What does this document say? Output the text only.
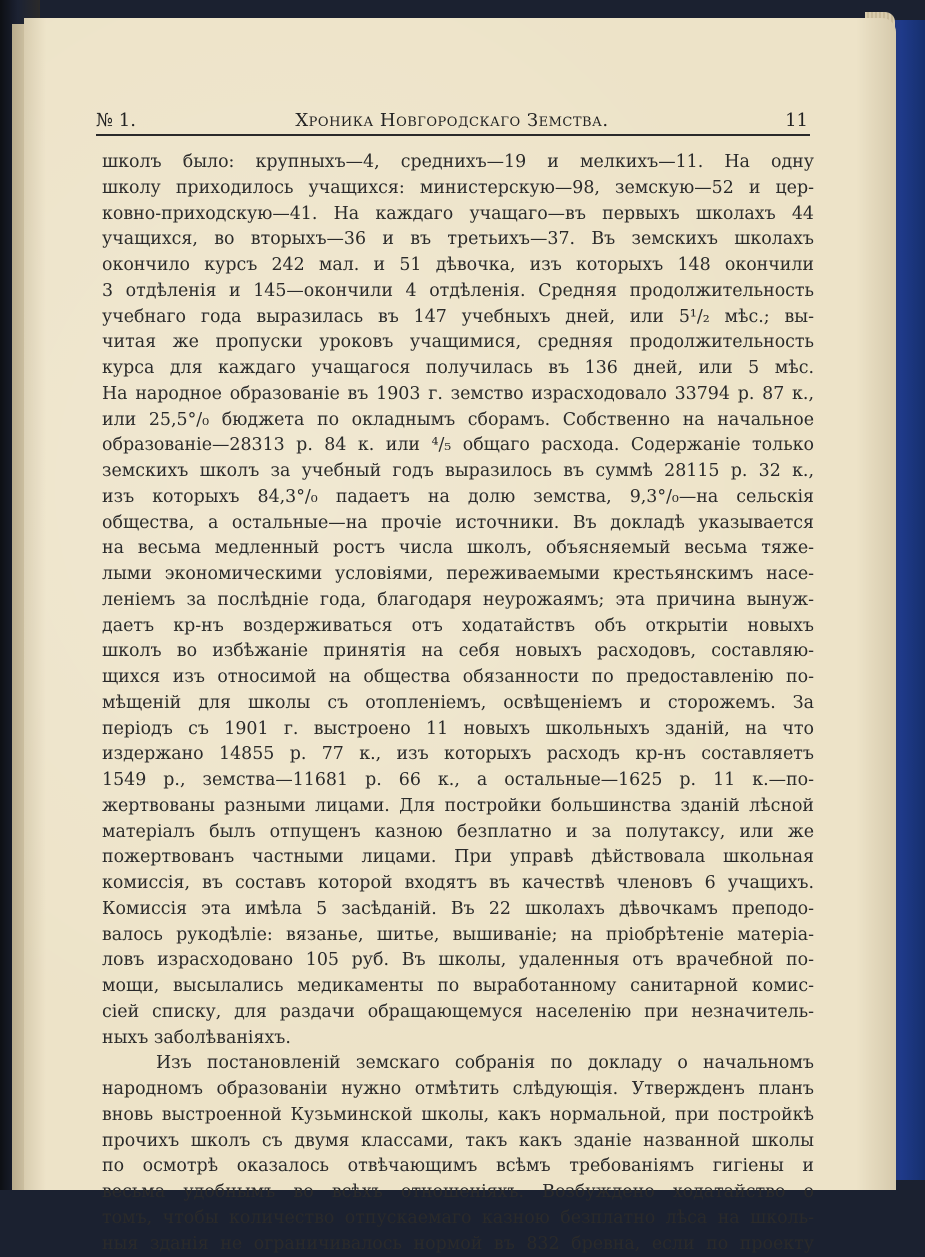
№ 1.	Хроника Новгородскаго Земства.	11
школъ было: крупныхъ—4, среднихъ—19 и мелкихъ—11. На одну
школу приходилось учащихся: министерскую—98, земскую—52 и цер-
ковно-приходскую—41. На каждаго учащаго—въ первыхъ школахъ 44
учащихся, во вторыхъ—36 и въ третьихъ—37. Въ земскихъ школахъ
окончило курсъ 242 мал. и 51 дѣвочка, изъ которыхъ 148 окончили
3 отдѣленія и 145—окончили 4 отдѣленія. Средняя продолжительность
учебнаго года выразилась въ 147 учебныхъ дней, или 5¹/₂ мѣс.; вы-
читая же пропуски уроковъ учащимися, средняя продолжительность
курса для каждаго учащагося получилась въ 136 дней, или 5 мѣс.
На народное образованіе въ 1903 г. земство израсходовало 33794 р. 87 к.,
или 25,5°/₀ бюджета по окладнымъ сборамъ. Собственно на начальное
образованіе—28313 р. 84 к. или ⁴/₅ общаго расхода. Содержаніе только
земскихъ школъ за учебный годъ выразилось въ суммѣ 28115 р. 32 к.,
изъ которыхъ 84,3°/₀ падаетъ на долю земства, 9,3°/₀—на сельскія
общества, а остальные—на прочіе источники. Въ докладѣ указывается
на весьма медленный ростъ числа школъ, объясняемый весьма тяже-
лыми экономическими условіями, переживаемыми крестьянскимъ насе-
леніемъ за послѣдніе года, благодаря неурожаямъ; эта причина вынуж-
даетъ кр-нъ воздерживаться отъ ходатайствъ объ открытіи новыхъ
школъ во избѣжаніе принятія на себя новыхъ расходовъ, составляю-
щихся изъ относимой на общества обязанности по предоставленію по-
мѣщеній для школы съ отопленіемъ, освѣщеніемъ и сторожемъ. За
періодъ съ 1901 г. выстроено 11 новыхъ школьныхъ зданій, на что
издержано 14855 р. 77 к., изъ которыхъ расходъ кр-нъ составляетъ
1549 р., земства—11681 р. 66 к., а остальные—1625 р. 11 к.—по-
жертвованы разными лицами. Для постройки большинства зданій лѣсной
матеріалъ былъ отпущенъ казною безплатно и за полутаксу, или же
пожертвованъ частными лицами. При управѣ дѣйствовала школьная
комиссія, въ составъ которой входятъ въ качествѣ членовъ 6 учащихъ.
Комиссія эта имѣла 5 засѣданій. Въ 22 школахъ дѣвочкамъ преподо-
валось рукодѣліе: вязанье, шитье, вышиваніе; на пріобрѣтеніе матеріа-
ловъ израсходовано 105 руб. Въ школы, удаленныя отъ врачебной по-
мощи, высылались медикаменты по выработанному санитарной комис-
сіей списку, для раздачи обращающемуся населенію при незначитель-
ныхъ заболѣваніяхъ.
Изъ постановленій земскаго собранія по докладу о начальномъ
народномъ образованіи нужно отмѣтить слѣдующія. Утвержденъ планъ
вновь выстроенной Кузьминской школы, какъ нормальной, при постройкѣ
прочихъ школъ съ двумя классами, такъ какъ зданіе названной школы
по осмотрѣ оказалось отвѣчающимъ всѣмъ требованіямъ гигіены и
весьма удобнымъ во всѣхъ отношеніяхъ. Возбуждено ходатайство о
томъ, чтобы количество отпускаемаго казною безплатно лѣса на школь-
ныя зданія не ограничивалось нормой въ 832 бревна, если по проекту
